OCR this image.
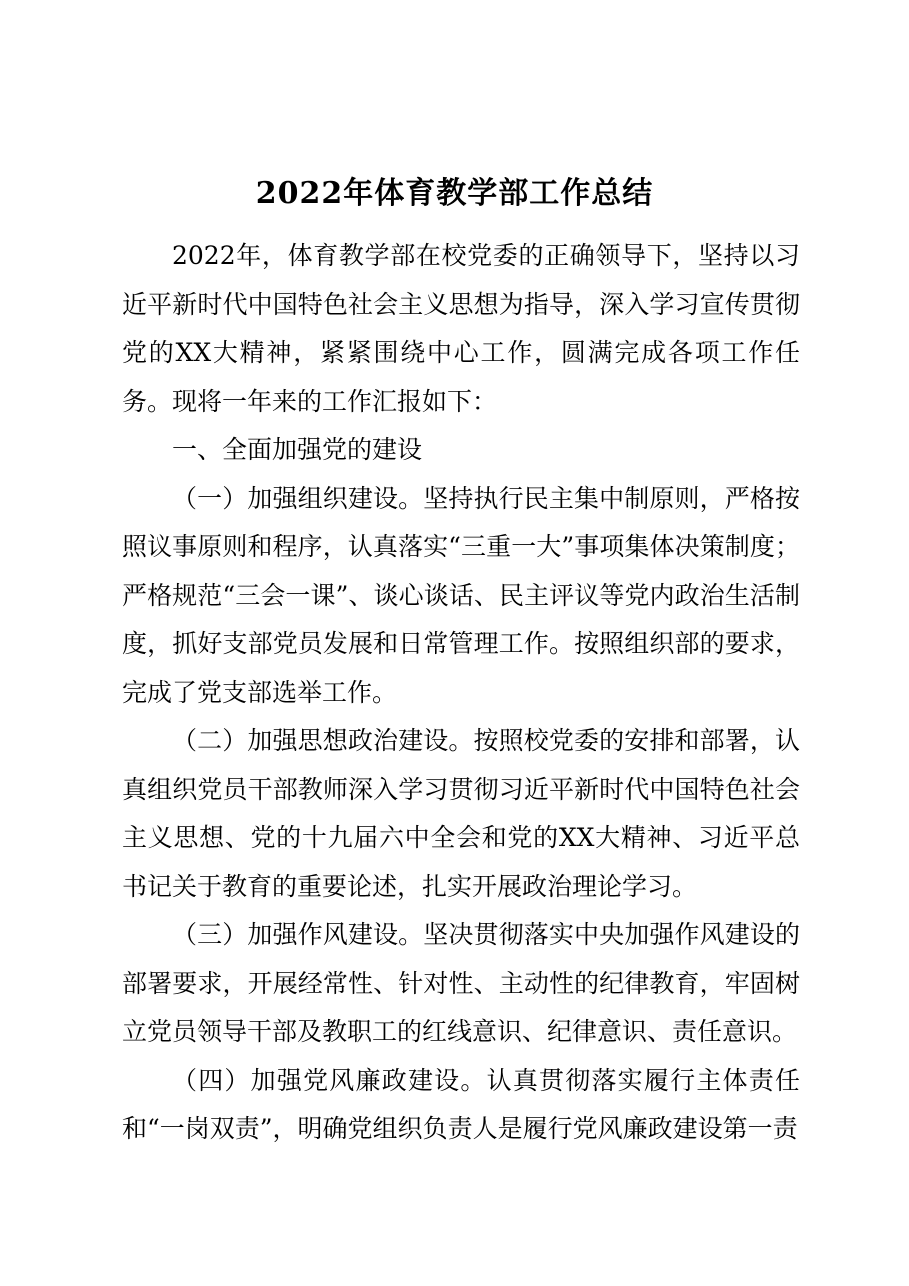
2022年体育教学部工作总结

2022年，体育教学部在校党委的正确领导下，坚持以习近平新时代中国特色社会主义思想为指导，深入学习宣传贯彻党的XX大精神，紧紧围绕中心工作，圆满完成各项工作任务。现将一年来的工作汇报如下：

一、全面加强党的建设

（一）加强组织建设。坚持执行民主集中制原则，严格按照议事原则和程序，认真落实“三重一大”事项集体决策制度；严格规范“三会一课”、谈心谈话、民主评议等党内政治生活制度，抓好支部党员发展和日常管理工作。按照组织部的要求，完成了党支部选举工作。

（二）加强思想政治建设。按照校党委的安排和部署，认真组织党员干部教师深入学习贯彻习近平新时代中国特色社会主义思想、党的十九届六中全会和党的XX大精神、习近平总书记关于教育的重要论述，扎实开展政治理论学习。

（三）加强作风建设。坚决贯彻落实中央加强作风建设的部署要求，开展经常性、针对性、主动性的纪律教育，牢固树立党员领导干部及教职工的红线意识、纪律意识、责任意识。

（四）加强党风廉政建设。认真贯彻落实履行主体责任和“一岗双责”，明确党组织负责人是履行党风廉政建设第一责
